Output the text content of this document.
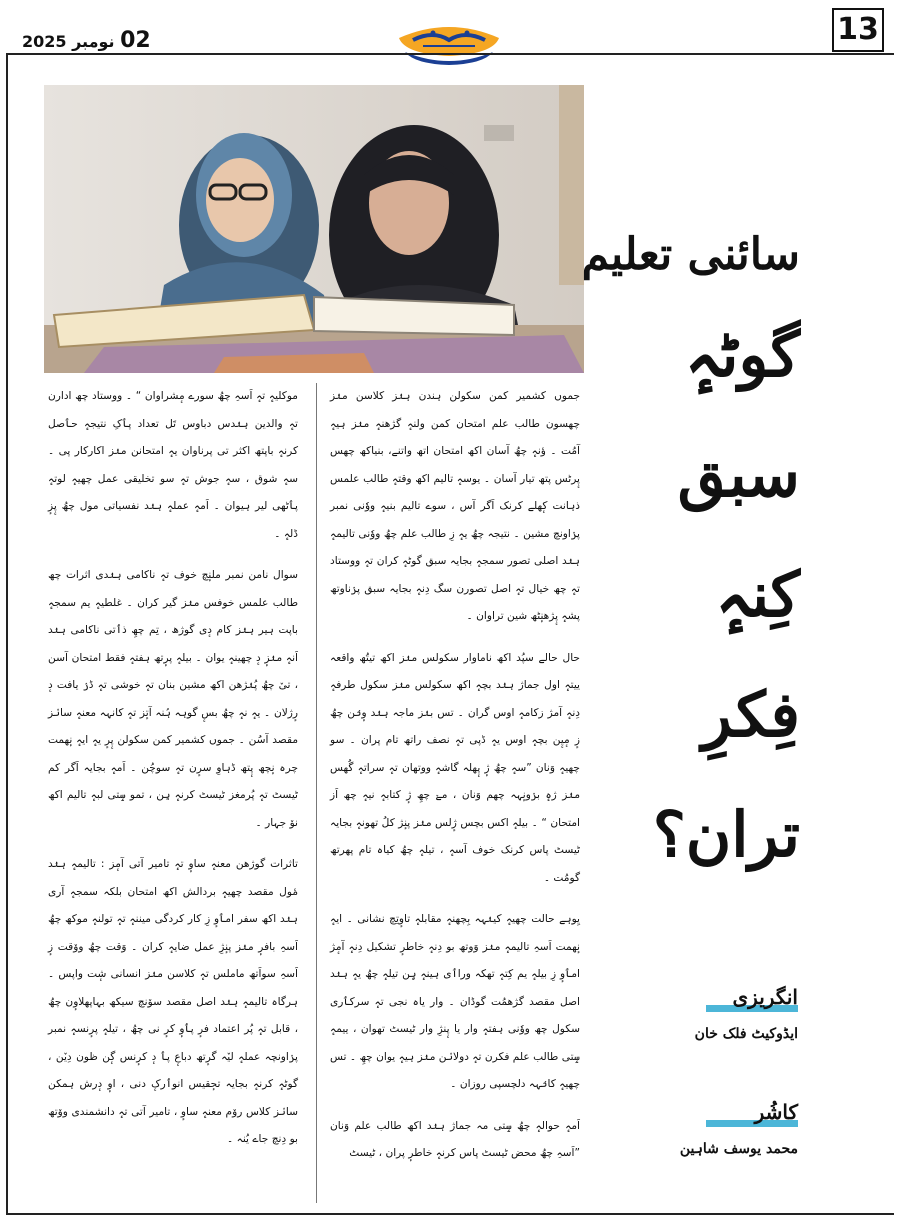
02 نومبر 2025	13
سائنی تعلیم
گوٹہٕ
سبق
کِنہٕ
فِکرِ
تران؟
انگریزی
ایڈوکیٹ فلک خان
کاشُر
محمد یوسف شاہین

جموں کشمیر کمن سکولن ہندن ہنٛز کلاسن منٛز چھسون طالب علم امتحان کمن ولنہٕ گژھنہٕ منٛز ہیہٕ آمُت ۔ ؤنہٕ چھُ آسان اکھ امتحان اتھ واتنے، بنیاکھ چھس پٕرٹس پتھ تیار آسان ۔ یوسہٕ تالیم اکھ وقتہٕ طالب علمس ذہانت کٕھلے کرنک اَگر آس ، سوے تالیم بنیہٕ ووٗنی نمبر پرٛاونچ مشین ۔ نتیجہ چھُ یہٕ زِ طالب علم چھُ ووٗنی تالیمہٕ ہنٛد اصلی تصور سمجہٕ بجایہ سبق گوٹہٕ کران تہٕ ووستاد تہٕ چھ خیال تہٕ اصل تصورن سگ دِنہٕ بجایہ سبق پرٛناوتھ پشہٕ پٕژھنٕٹھ شین تراوان ۔

حال حالے سپُد اکھ ناماوار سکولس منٛز اکھ تیتُھ واقعہ ییتہٕ اول جماژ ہنٛد بچہٕ اکھ سکولس منٛز سکول طرفہٕ دِنہٕ آمژ زکامہٕ اوس گران ۔ تس بنٛز ماجہ ہنٛد وٕنٛن چھُ زٕ مٕیٕن بچہٕ اوس یہٕ ڈپی تہٕ نصف راتھ تام پران ۔ سو چھیہٕ وَنان ”سہٕ چھُ ژٕ پٕھلہ گاشہٕ ووتھان تہٕ سراتہٕ گُھس منٛز ژہٕ برٛونٕہہ چھم وَنان ، مےٚ چھِ ژٕ کتابہٕ نیہٕ چھ اَز امتحان “ ۔ بیلہٕ اکس بچس ژٕلس منٛز پنٕژ کلُ تھونہٕ بجایہ ٹیسٹ پاس کرنک خوف آسہٕ ، تیلہٕ چھُ کیاہ تام پھرتھ گومُت ۔

یِوہے حالت چھیہٕ کینٛہہ بِچھنہٕ مقابلہٕ تاوٕتِچ نشانی ۔ ایہٕ نٕھمت اَسہِ تالیمہٕ منٛز وَوتھ بو دِنہٕ خاطرٕ تشکیل دِنہٕ آمٕژ امٲوٕ زِ بیلہٕ یم کِتہٕ تھکہ وراٲی ہینہٕ ہٕن تیلہٕ چھُ یہٕ ہنٛد اصل مقصد گژھمُت گوڈان ۔ وار یاہ نجی تہٕ سرکٲری سکول چھ ووٗنی ہفتہٕ وار یا پٕنژِ وار ٹیسٹ تھوان ، ییمہٕ سٟتی طالب علم فکرن تہٕ دولاٮ٘ن منٛز ہیہٕ یوان چھِ ۔ تس چھیہٕ کانٛہہ دلچسپی روزان ۔

اَمہٕ حوالہٕ چھُ سٟتی مہ جماژ ہنٛد اکھ طالب علم وَنان ”اَسہِ چھُ محض ٹیسٹ پاس کرنہٕ خاطرٕ پران ، ٹیسٹ

موکلیہٕ تہٕ اَسہِ چھُ سورے مٕشراوان “ ۔ ووستاد چھ ادارن تہٕ والدین ہنٛدس دباوس تَل تعداد پٲکِ نتیجہٕ حٲصل کرنہٕ باپتھ اکثر تی پرناوان یہٕ امتحانن منٛز اکارکار پی ۔ سہٕ شوق ، سہٕ جوش تہٕ سو تخلیقی عمل چھیہٕ لوتہٕ پٲٹھی لیر ہیوان ۔ اَمہٕ عملہٕ ہنٛد نفسیاتی مول چھُ پٕزٕ ڈلہٕ ۔

سوال نامن نمبر ملنٕچ خوف تہٕ ناکامی ہنٛدی اثرات چھ طالب علمس خوفس منٛز گیر کران ۔ غلطیہٕ یم سمجہٕ باپت ہیر ہنٛز کام دٕی گوژھ ، تِم چھِ ذٲتی ناکامی ہنٛد اَنہٕ منٛزٕ دٕ چھینہٕ یوان ۔ بیلہٕ پرٕتھ ہفتہٕ فقط امتحان آسن ، تیٚ چھُ پُنٛژھن اکھ مشین بنان تہٕ خوشی تہٕ ڈرٛ یافت دٕ رٕژلان ۔ یہٕ نہٕ چھُ بسٕ گوہہ ہُنہ آتٕز تہٕ کانہہ معنہٕ ساٮ٘ز مقصد آسُن ۔ جموں کشمیر کمن سکولن پٕرٕ یہٕ ایہٕ نٕھمت چرہ نٕچھ پٕتھ ڈہاوِ سرٕن تہٕ سوچُن ۔ اَمہٕ بجایہ اَگر کم ٹیسٹ تہٕ پُرمغز ٹیسٹ کرنہٕ ہِن ، تمو سٟتی لبہٕ تالیم اکھ نوٚ جہار ۔

تاثرات گوژھن معنہٕ ساوٕ تہٕ تامیر آتی آمٕز : تالیمہٕ ہنٛد مٔول مقصد چھیہٕ بردالش اکھ امتحان بلکہ سمجہٕ آری ہنٛد اکھ سفر امٲوٕ زِ کار کردگی میننہٕ تہٕ تولنہٕ موکھ چھُ اَسہِ بافرٕ منٛز پنٕژِ عمل ضایہٕ کران ۔ وَقت چھُ ووٚقت زٕ اَسہِ سواَتھ ماملس تہٕ کلاسن منٛز انسانی شٕت واپس ۔ ہرگاہ تالیمہٕ ہنٛد اصل مقصد سوٚنچ سیکھ بہاپھلاوٕن چھُ ، قابل تہٕ پُر اعتماد فرٕ پٲوٕ کرٕ نی چھُ ، تیلہٕ پرٕنسہٕ نمبر پرٛاونچہ عملہٕ لیٚہ گرٕتھ دباعٕ پٲ دٕ کرٕنس گٕن ظون دِیٚن ، گوٹہٕ کرنہٕ بجایہ تحٕقیس انوٲرکٕ دنی ، اوٕ دٕرش ہمکن ساٮ٘ز کلاس روٚم معنہٕ ساوٕ ، تامیر آتی تہٕ دانشمندی ووٚتھ بو دِنچ جاے یُنہ ۔
